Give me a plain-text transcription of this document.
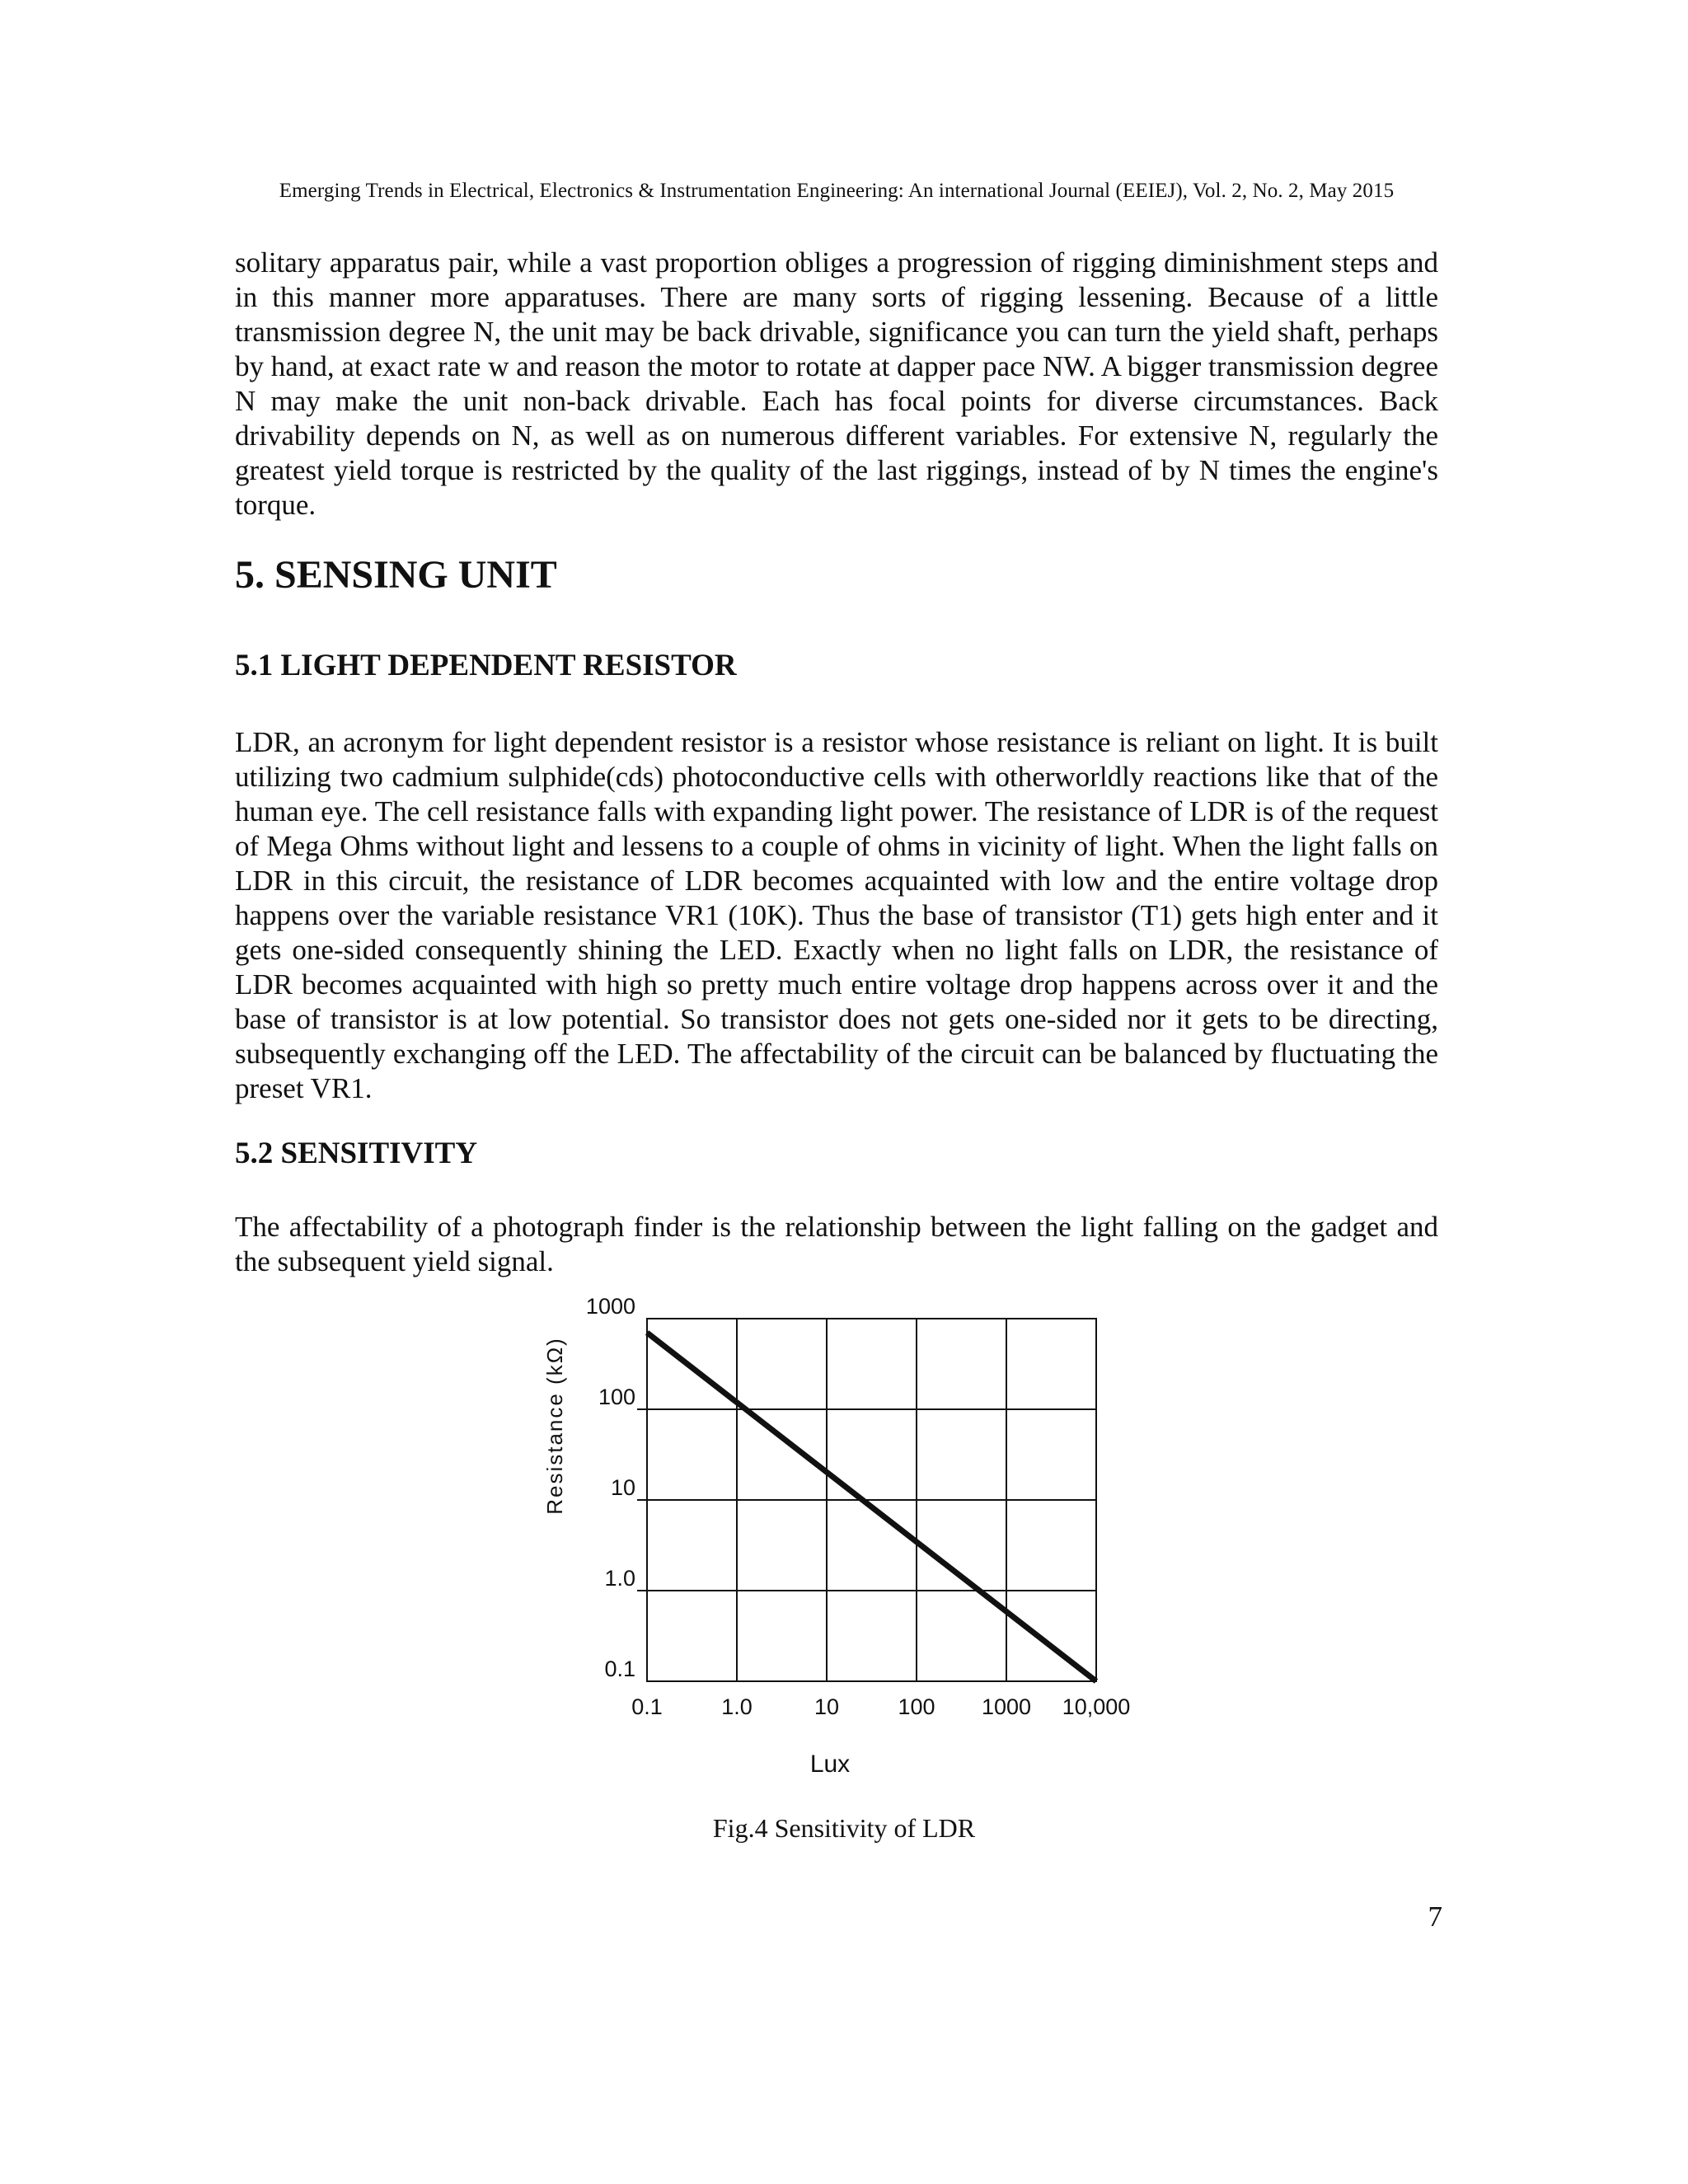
Emerging Trends in Electrical, Electronics & Instrumentation Engineering: An international Journal (EEIEJ), Vol. 2, No. 2, May 2015

solitary apparatus pair, while a vast proportion obliges a progression of rigging diminishment steps and in this manner more apparatuses. There are many sorts of rigging lessening. Because of a little transmission degree N, the unit may be back drivable, significance you can turn the yield shaft, perhaps by hand, at exact rate w and reason the motor to rotate at dapper pace NW. A bigger transmission degree N may make the unit non-back drivable. Each has focal points for diverse circumstances. Back drivability depends on N, as well as on numerous different variables. For extensive N, regularly the greatest yield torque is restricted by the quality of the last riggings, instead of by N times the engine's torque.

5. SENSING UNIT
5.1 LIGHT DEPENDENT RESISTOR

LDR, an acronym for light dependent resistor is a resistor whose resistance is reliant on light. It is built utilizing two cadmium sulphide(cds) photoconductive cells with otherworldly reactions like that of the human eye. The cell resistance falls with expanding light power. The resistance of LDR is of the request of Mega Ohms without light and lessens to a couple of ohms in vicinity of light. When the light falls on LDR in this circuit, the resistance of LDR becomes acquainted with low and the entire voltage drop happens over the variable resistance VR1 (10K). Thus the base of transistor (T1) gets high enter and it gets one-sided consequently shining the LED. Exactly when no light falls on LDR, the resistance of LDR becomes acquainted with high so pretty much entire voltage drop happens across over it and the base of transistor is at low potential. So transistor does not gets one-sided nor it gets to be directing, subsequently exchanging off the LED. The affectability of the circuit can be balanced by fluctuating the preset VR1.

5.2 SENSITIVITY

The affectability of a photograph finder is the relationship between the light falling on the gadget and the subsequent yield signal.

0.1	1.0	10	100 1000 10,000
1000
100
10
1.0
0.1
Lux
Resistance (kΩ)
Fig.4 Sensitivity of LDR
7
